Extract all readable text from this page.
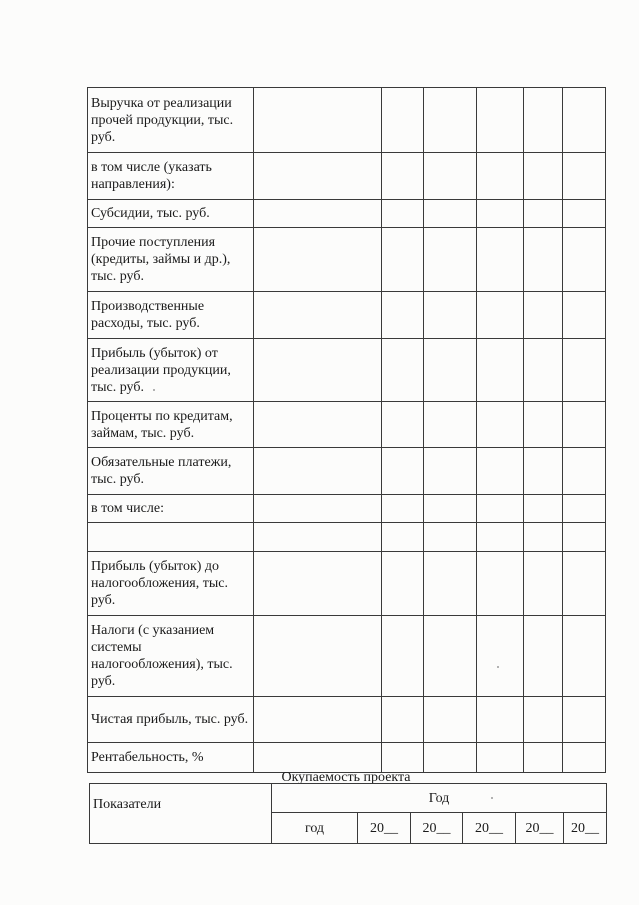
Выручка от реализации прочей продукции, тыс. руб.						
в том числе (указать направления):						
Субсидии, тыс. руб.						
Прочие поступления (кредиты, займы и др.), тыс. руб.						
Производственные расходы, тыс. руб.						
Прибыль (убыток) от реализации продукции, тыс. руб.						
Проценты по кредитам, займам, тыс. руб.						
Обязательные платежи, тыс. руб.						
в том числе:						

Прибыль (убыток) до налогообложения, тыс. руб.						
Налоги (с указанием системы налогообложения), тыс. руб.						
Чистая прибыль, тыс. руб.						
Рентабельность, %						
Окупаемость проекта
Показатели	Год					
	год	20__	20__	20__	20__	20__
